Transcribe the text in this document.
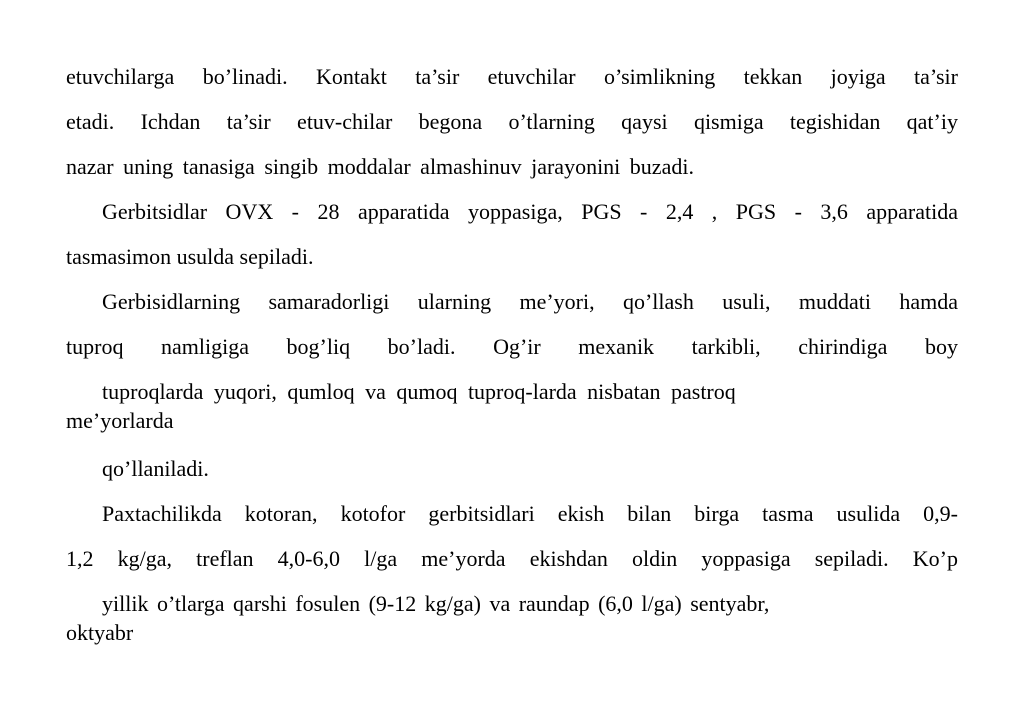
etuvchilarga bo’linadi. Kontakt ta’sir etuvchilar o’simlikning tekkan joyiga ta’sir
etadi. Ichdan ta’sir etuv-chilar begona o’tlarning qaysi qismiga tegishidan qat’iy
nazar uning tanasiga singib moddalar almashinuv jarayonini buzadi.
Gerbitsidlar OVX - 28 apparatida yoppasiga, PGS - 2,4 , PGS - 3,6 apparatida
tasmasimon usulda sepiladi.
Gerbisidlarning samaradorligi ularning me’yori, qo’llash usuli, muddati hamda
tuproq namligiga bog’liq bo’ladi. Og’ir mexanik tarkibli, chirindiga boy
tuproqlarda yuqori, qumloq va qumoq tuproq-larda nisbatan pastroq
me’yorlarda
qo’llaniladi.
Paxtachilikda kotoran, kotofor gerbitsidlari ekish bilan birga tasma usulida 0,9-
1,2 kg/ga, treflan 4,0-6,0 l/ga me’yorda ekishdan oldin yoppasiga sepiladi. Ko’p
yillik o’tlarga qarshi fosulen (9-12 kg/ga) va raundap (6,0 l/ga) sentyabr,
oktyabr
